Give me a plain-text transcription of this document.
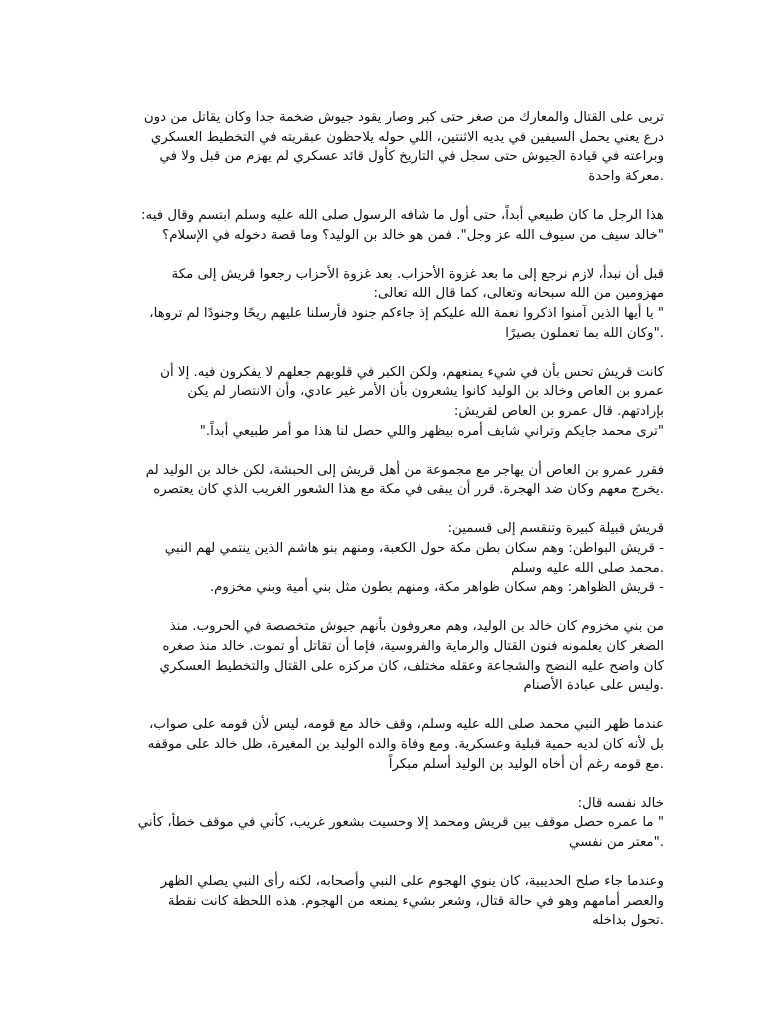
تربى على القتال والمعارك من صغر حتى كبر وصار يقود جيوش ضخمة جدا وكان يقاتل من دون
درع يعني يحمل السيفين في يديه الاثنتين، اللي حوله يلاحظون عبقريته في التخطيط العسكري
وبراعته في قيادة الجيوش حتى سجل في التاريخ كأول قائد عسكري لم يهزم من قبل ولا في
.معركة واحدة

هذا الرجل ما كان طبيعي أبداً، حتى أول ما شافه الرسول صلى الله عليه وسلم ابتسم وقال فيه:
"خالد سيف من سيوف الله عز وجل". فمن هو خالد بن الوليد؟ وما قصة دخوله في الإسلام؟

قبل أن نبدأ، لازم نرجع إلى ما بعد غزوة الأحزاب. بعد غزوة الأحزاب رجعوا قريش إلى مكة
مهزومين من الله سبحانه وتعالى، كما قال الله تعالى:
" يا أيها الذين آمنوا اذكروا نعمة الله عليكم إذ جاءكم جنود فأرسلنا عليهم ريحًا وجنودًا لم تروها،
."وكان الله بما تعملون بصيرًا

كانت قريش تحس بأن في شيء يمنعهم، ولكن الكبر في قلوبهم جعلهم لا يفكرون فيه. إلا أن
عمرو بن العاص وخالد بن الوليد كانوا يشعرون بأن الأمر غير عادي، وأن الانتصار لم يكن
بإرادتهم. قال عمرو بن العاص لقريش:
"ترى محمد جايكم وتراني شايف أمره بيظهر واللي حصل لنا هذا مو أمر طبيعي أبداً."

فقرر عمرو بن العاص أن يهاجر مع مجموعة من أهل قريش إلى الحبشة، لكن خالد بن الوليد لم
.يخرج معهم وكان ضد الهجرة. قرر أن يبقى في مكة مع هذا الشعور الغريب الذي كان يعتصره

قريش قبيلة كبيرة وتنقسم إلى قسمين:
- قريش البواطن: وهم سكان بطن مكة حول الكعبة، ومنهم بنو هاشم الذين ينتمي لهم النبي
.محمد صلى الله عليه وسلم
- قريش الظواهر: وهم سكان ظواهر مكة، ومنهم بطون مثل بني أمية وبني مخزوم.

من بني مخزوم كان خالد بن الوليد، وهم معروفون بأنهم جيوش متخصصة في الحروب. منذ
الصغر كان يعلمونه فنون القتال والرماية والفروسية، فإما أن تقاتل أو تموت. خالد منذ صغره
كان واضح عليه النضج والشجاعة وعقله مختلف، كان مركزه على القتال والتخطيط العسكري
.وليس على عبادة الأصنام

عندما ظهر النبي محمد صلى الله عليه وسلم، وقف خالد مع قومه، ليس لأن قومه على صواب،
بل لأنه كان لديه حمية قبلية وعسكرية. ومع وفاة والده الوليد بن المغيرة، ظل خالد على موقفه
.مع قومه رغم أن أخاه الوليد بن الوليد أسلم مبكراً

خالد نفسه قال:
" ما عمره حصل موقف بين قريش ومحمد إلا وحسيت بشعور غريب، كأني في موقف خطأ، كأني
."معتر من نفسي

وعندما جاء صلح الحديبية، كان ينوي الهجوم على النبي وأصحابه، لكنه رأى النبي يصلي الظهر
والعصر أمامهم وهو في حالة قتال، وشعر بشيء يمنعه من الهجوم. هذه اللحظة كانت نقطة
.تحول بداخله
